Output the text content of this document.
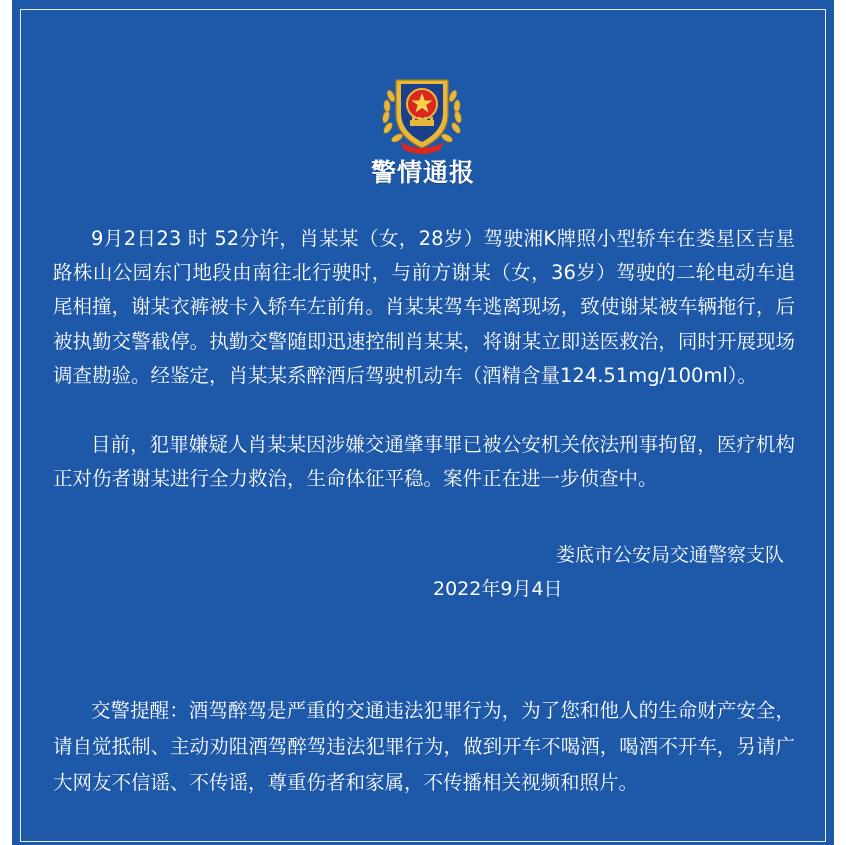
警情通报
9月2日23 时 52分许，肖某某（女，28岁）驾驶湘K牌照小型轿车在娄星区吉星路株山公园东门地段由南往北行驶时，与前方谢某（女，36岁）驾驶的二轮电动车追尾相撞，谢某衣裤被卡入轿车左前角。肖某某驾车逃离现场，致使谢某被车辆拖行，后被执勤交警截停。执勤交警随即迅速控制肖某某，将谢某立即送医救治，同时开展现场调查勘验。经鉴定，肖某某系醉酒后驾驶机动车（酒精含量124.51mg/100ml）。
目前，犯罪嫌疑人肖某某因涉嫌交通肇事罪已被公安机关依法刑事拘留，医疗机构正对伤者谢某进行全力救治，生命体征平稳。案件正在进一步侦查中。
娄底市公安局交通警察支队
2022年9月4日
交警提醒：酒驾醉驾是严重的交通违法犯罪行为，为了您和他人的生命财产安全，请自觉抵制、主动劝阻酒驾醉驾违法犯罪行为，做到开车不喝酒，喝酒不开车，另请广大网友不信谣、不传谣，尊重伤者和家属，不传播相关视频和照片。
